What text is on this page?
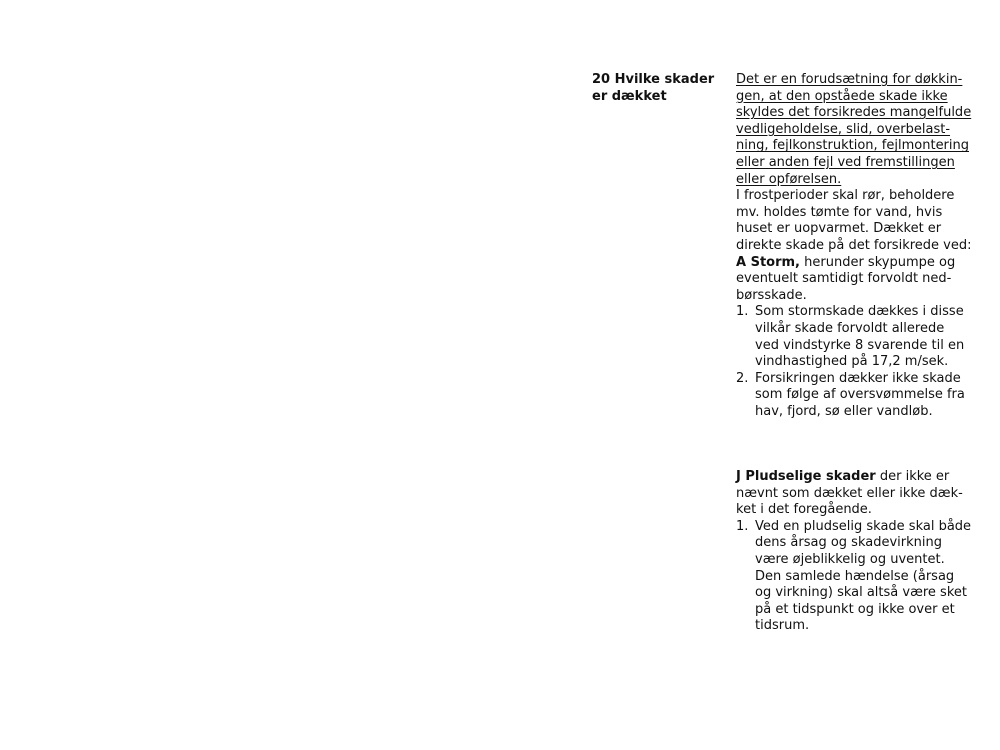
20 Hvilke skader
er dækket
Det er en forudsætning for døkkin-
gen, at den opståede skade ikke
skyldes det forsikredes mangelfulde
vedligeholdelse, slid, overbelast-
ning, fejlkonstruktion, fejlmontering
eller anden fejl ved fremstillingen
eller opførelsen.
I frostperioder skal rør, beholdere
mv. holdes tømte for vand, hvis
huset er uopvarmet. Dækket er
direkte skade på det forsikrede ved:
A Storm, herunder skypumpe og
eventuelt samtidigt forvoldt ned-
børsskade.
1. Som stormskade dækkes i disse
vilkår skade forvoldt allerede
ved vindstyrke 8 svarende til en
vindhastighed på 17,2 m/sek.
2. Forsikringen dækker ikke skade
som følge af oversvømmelse fra
hav, fjord, sø eller vandløb.
J Pludselige skader der ikke er
nævnt som dækket eller ikke dæk-
ket i det foregående.
1. Ved en pludselig skade skal både
dens årsag og skadevirkning
være øjeblikkelig og uventet.
Den samlede hændelse (årsag
og virkning) skal altså være sket
på et tidspunkt og ikke over et
tidsrum.
